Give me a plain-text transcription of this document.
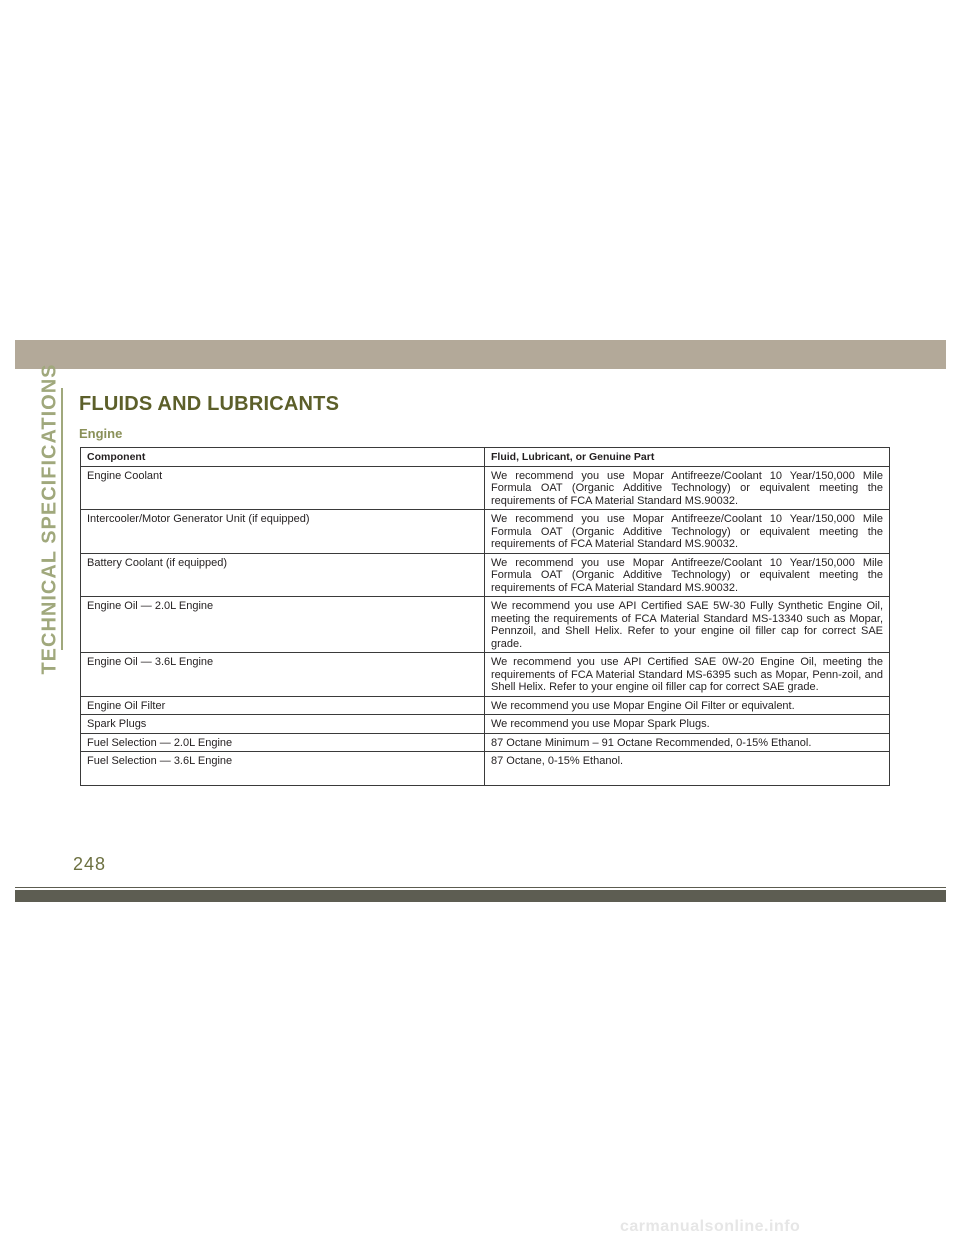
TECHNICAL SPECIFICATIONS FLUIDS AND LUBRICANTS
Engine
Component	Fluid, Lubricant, or Genuine Part
Engine Coolant	We recommend you use Mopar Antifreeze/Coolant 10 Year/150,000 Mile Formula OAT (Organic Additive Technology) or equivalent meeting the requirements of FCA Material Standard MS.90032.
Intercooler/Motor Generator Unit (if equipped)	We recommend you use Mopar Antifreeze/Coolant 10 Year/150,000 Mile Formula OAT (Organic Additive Technology) or equivalent meeting the requirements of FCA Material Standard MS.90032.
Battery Coolant (if equipped)	We recommend you use Mopar Antifreeze/Coolant 10 Year/150,000 Mile Formula OAT (Organic Additive Technology) or equivalent meeting the requirements of FCA Material Standard MS.90032.
Engine Oil — 2.0L Engine	We recommend you use API Certified SAE 5W-30 Fully Synthetic Engine Oil, meeting the requirements of FCA Material Standard MS-13340 such as Mopar, Pennzoil, and Shell Helix. Refer to your engine oil filler cap for correct SAE grade.
Engine Oil — 3.6L Engine	We recommend you use API Certified SAE 0W-20 Engine Oil, meeting the requirements of FCA Material Standard MS-6395 such as Mopar, Penn-zoil, and Shell Helix. Refer to your engine oil filler cap for correct SAE grade.
Engine Oil Filter	We recommend you use Mopar Engine Oil Filter or equivalent.
Spark Plugs	We recommend you use Mopar Spark Plugs.
Fuel Selection — 2.0L Engine	87 Octane Minimum – 91 Octane Recommended, 0-15% Ethanol.
Fuel Selection — 3.6L Engine	87 Octane, 0-15% Ethanol.

248

carmanualsonline.info
